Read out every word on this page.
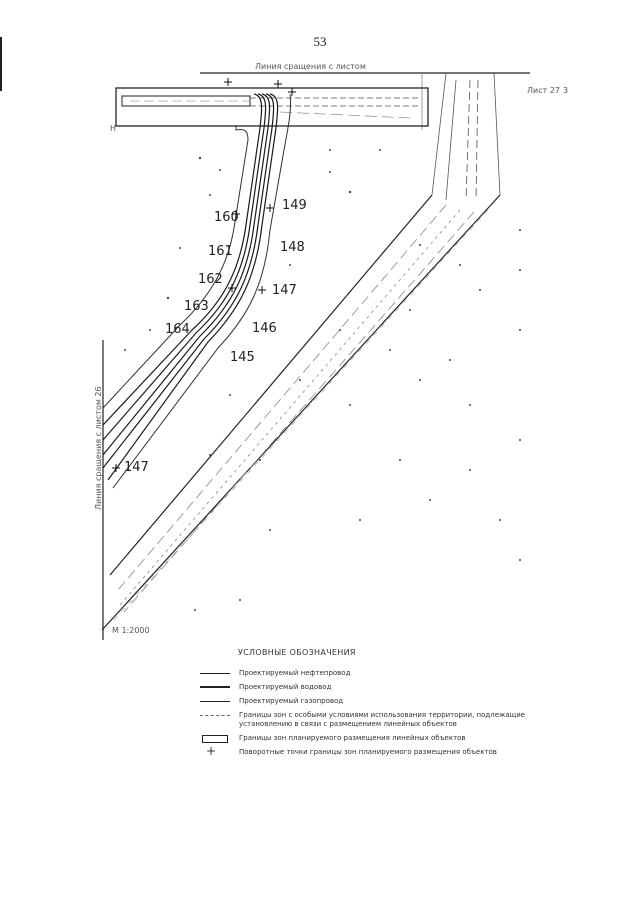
53
Линия сращения с листом
Лист 27 3
Н
Линия сращения с листом 26
М 1:2000
160
161
162
163
164
149
148
147
146
145
147
УСЛОВНЫЕ ОБОЗНАЧЕНИЯ
Проектируемый нефтепровод
Проектируемый водовод
Проектируемый газопровод
Границы зон с особыми условиями использования территории, подлежащие установлению в связи с размещением линейных объектов
Границы зон планируемого размещения линейных объектов
+	Поворотные точки границы зон планируемого размещения объектов
